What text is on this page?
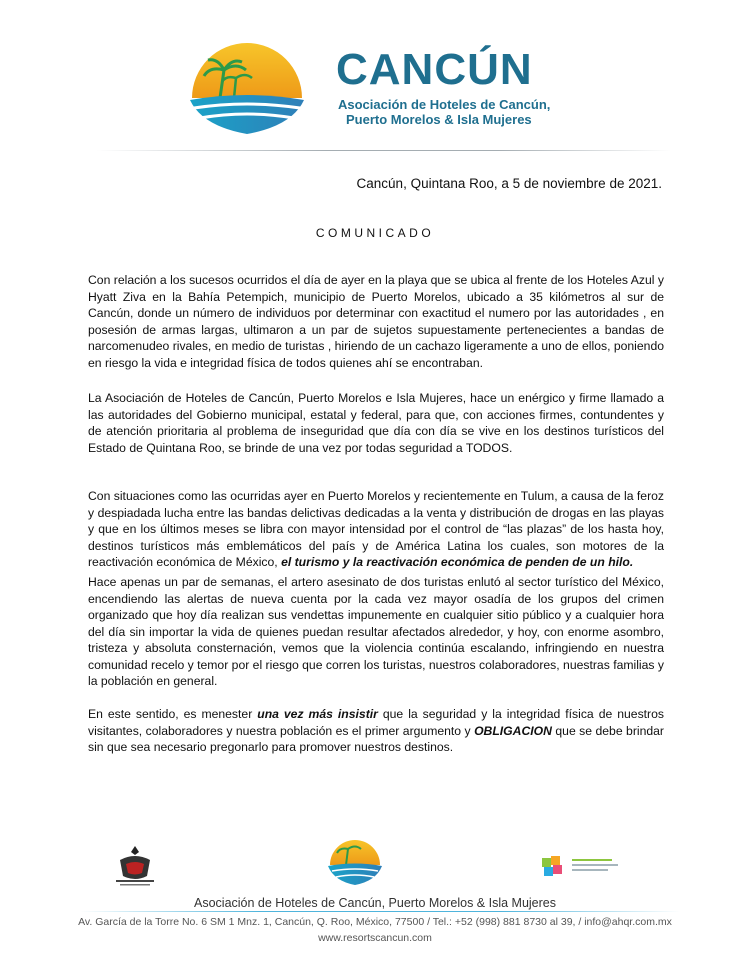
CANCÚN
Asociación de Hoteles de Cancún,
Puerto Morelos & Isla Mujeres
Cancún, Quintana Roo, a 5 de noviembre de 2021.
COMUNICADO
Con relación a los sucesos ocurridos el día de ayer en la playa que se ubica al frente de los Hoteles Azul y Hyatt Ziva en la Bahía Petempich, municipio de Puerto Morelos, ubicado a 35 kilómetros al sur de Cancún, donde un número de individuos por determinar con exactitud el numero por las autoridades , en posesión de armas largas, ultimaron a un par de sujetos supuestamente pertenecientes a bandas de narcomenudeo rivales, en medio de turistas , hiriendo de un cachazo ligeramente a uno de ellos, poniendo en riesgo la vida e integridad física de todos quienes ahí se encontraban.
La Asociación de Hoteles de Cancún, Puerto Morelos e Isla Mujeres, hace un enérgico y firme llamado a las autoridades del Gobierno municipal, estatal y federal, para que, con acciones firmes, contundentes y de atención prioritaria al problema de inseguridad que día con día se vive en los destinos turísticos del Estado de Quintana Roo, se brinde de una vez por todas seguridad a TODOS.
Con situaciones como las ocurridas ayer en Puerto Morelos y recientemente en Tulum, a causa de la feroz y despiadada lucha entre las bandas delictivas dedicadas a la venta y distribución de drogas en las playas y que en los últimos meses se libra con mayor intensidad por el control de “las plazas” de los hasta hoy, destinos turísticos más emblemáticos del país y de América Latina los cuales, son motores de la reactivación económica de México, el turismo y la reactivación económica de penden de un hilo.
Hace apenas un par de semanas, el artero asesinato de dos turistas enlutó al sector turístico del México, encendiendo las alertas de nueva cuenta por la cada vez mayor osadía de los grupos del crimen organizado que hoy día realizan sus vendettas impunemente en cualquier sitio público y a cualquier hora del día sin importar la vida de quienes puedan resultar afectados alrededor, y hoy, con enorme asombro, tristeza y absoluta consternación, vemos que la violencia continúa escalando, infringiendo en nuestra comunidad recelo y temor por el riesgo que corren los turistas, nuestros colaboradores, nuestras familias y la población en general.
En este sentido, es menester una vez más insistir que la seguridad y la integridad física de nuestros visitantes, colaboradores y nuestra población es el primer argumento y OBLIGACION que se debe brindar sin que sea necesario pregonarlo para promover nuestros destinos.
Asociación de Hoteles de Cancún, Puerto Morelos & Isla Mujeres
Av. García de la Torre No. 6 SM 1 Mnz. 1, Cancún, Q. Roo, México, 77500 / Tel.: +52 (998) 881 8730 al 39, / info@ahqr.com.mx
www.resortscancun.com
